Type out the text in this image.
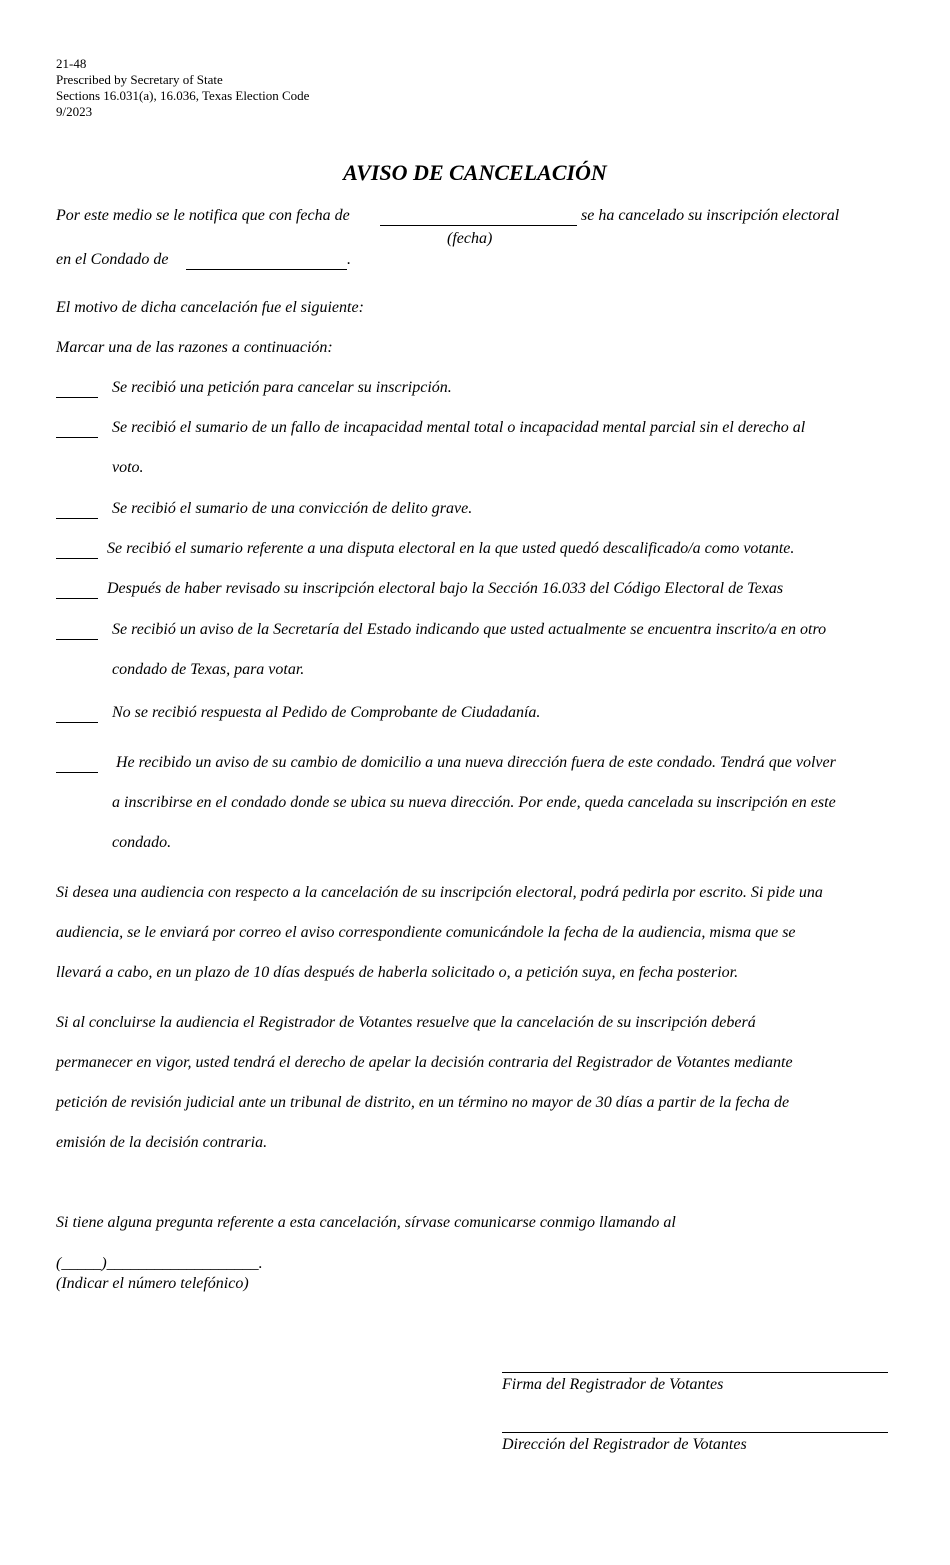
21-48
Prescribed by Secretary of State
Sections 16.031(a), 16.036, Texas Election Code
9/2023
AVISO DE CANCELACIÓN
Por este medio se le notifica que con fecha de	se ha cancelado su inscripción electoral
(fecha)
en el Condado de	.
El motivo de dicha cancelación fue el siguiente:
Marcar una de las razones a continuación:
Se recibió una petición para cancelar su inscripción.
Se recibió el sumario de un fallo de incapacidad mental total o incapacidad mental parcial sin el derecho al
voto.
Se recibió el sumario de una convicción de delito grave.
Se recibió el sumario referente a una disputa electoral en la que usted quedó descalificado/a como votante.
Después de haber revisado su inscripción electoral bajo la Sección 16.033 del Código Electoral de Texas
Se recibió un aviso de la Secretaría del Estado indicando que usted actualmente se encuentra inscrito/a en otro
condado de Texas, para votar.
No se recibió respuesta al Pedido de Comprobante de Ciudadanía.
He recibido un aviso de su cambio de domicilio a una nueva dirección fuera de este condado. Tendrá que volver
a inscribirse en el condado donde se ubica su nueva dirección. Por ende, queda cancelada su inscripción en este
condado.
Si desea una audiencia con respecto a la cancelación de su inscripción electoral, podrá pedirla por escrito. Si pide una
audiencia, se le enviará por correo el aviso correspondiente comunicándole la fecha de la audiencia, misma que se
llevará a cabo, en un plazo de 10 días después de haberla solicitado o, a petición suya, en fecha posterior.
Si al concluirse la audiencia el Registrador de Votantes resuelve que la cancelación de su inscripción deberá
permanecer en vigor, usted tendrá el derecho de apelar la decisión contraria del Registrador de Votantes mediante
petición de revisión judicial ante un tribunal de distrito, en un término no mayor de 30 días a partir de la fecha de
emisión de la decisión contraria.
Si tiene alguna pregunta referente a esta cancelación, sírvase comunicarse conmigo llamando al
(_____)___________________.
(Indicar el número telefónico)
Firma del Registrador de Votantes
Dirección del Registrador de Votantes
